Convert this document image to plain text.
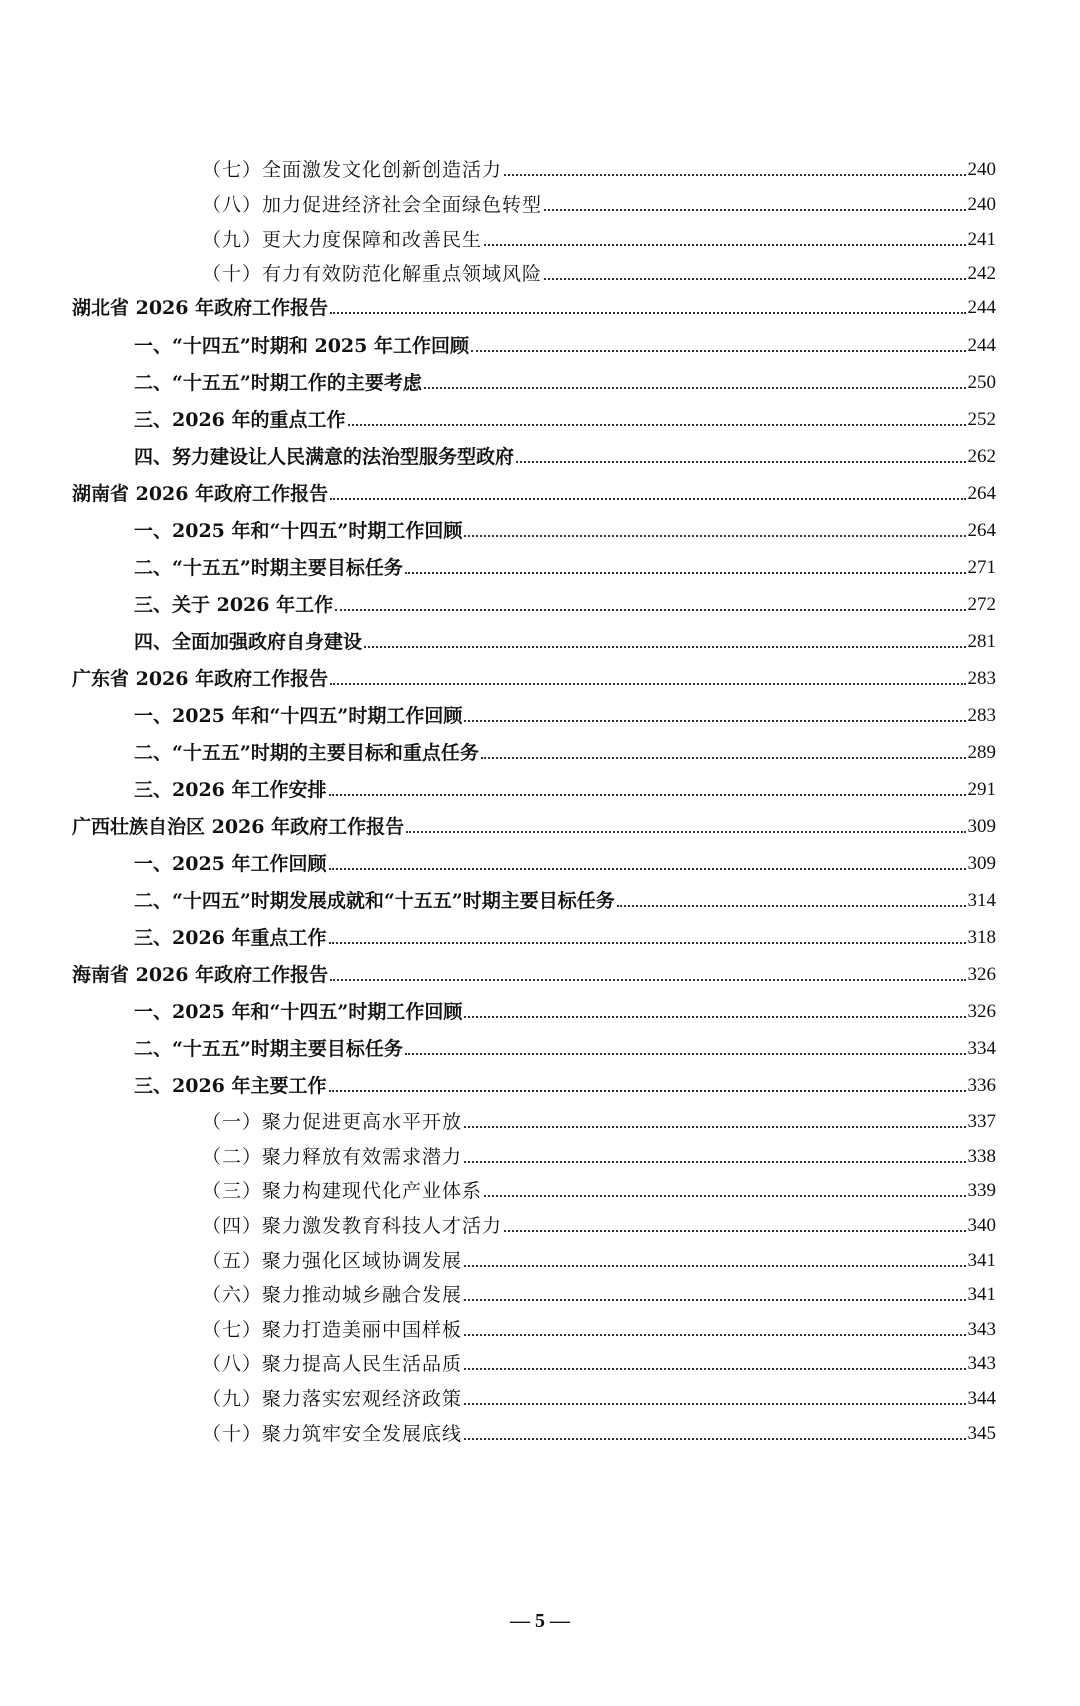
（七）全面激发文化创新创造活力	240
（八）加力促进经济社会全面绿色转型	240
（九）更大力度保障和改善民生	241
（十）有力有效防范化解重点领域风险	242
湖北省 2026 年政府工作报告	244
一、“十四五”时期和 2025 年工作回顾	244
二、“十五五”时期工作的主要考虑	250
三、2026 年的重点工作	252
四、努力建设让人民满意的法治型服务型政府	262
湖南省 2026 年政府工作报告	264
一、2025 年和“十四五”时期工作回顾	264
二、“十五五”时期主要目标任务	271
三、关于 2026 年工作	272
四、全面加强政府自身建设	281
广东省 2026 年政府工作报告	283
一、2025 年和“十四五”时期工作回顾	283
二、“十五五”时期的主要目标和重点任务	289
三、2026 年工作安排	291
广西壮族自治区 2026 年政府工作报告	309
一、2025 年工作回顾	309
二、“十四五”时期发展成就和“十五五”时期主要目标任务	314
三、2026 年重点工作	318
海南省 2026 年政府工作报告	326
一、2025 年和“十四五”时期工作回顾	326
二、“十五五”时期主要目标任务	334
三、2026 年主要工作	336
（一）聚力促进更高水平开放	337
（二）聚力释放有效需求潜力	338
（三）聚力构建现代化产业体系	339
（四）聚力激发教育科技人才活力	340
（五）聚力强化区域协调发展	341
（六）聚力推动城乡融合发展	341
（七）聚力打造美丽中国样板	343
（八）聚力提高人民生活品质	343
（九）聚力落实宏观经济政策	344
（十）聚力筑牢安全发展底线	345
— 5 —
